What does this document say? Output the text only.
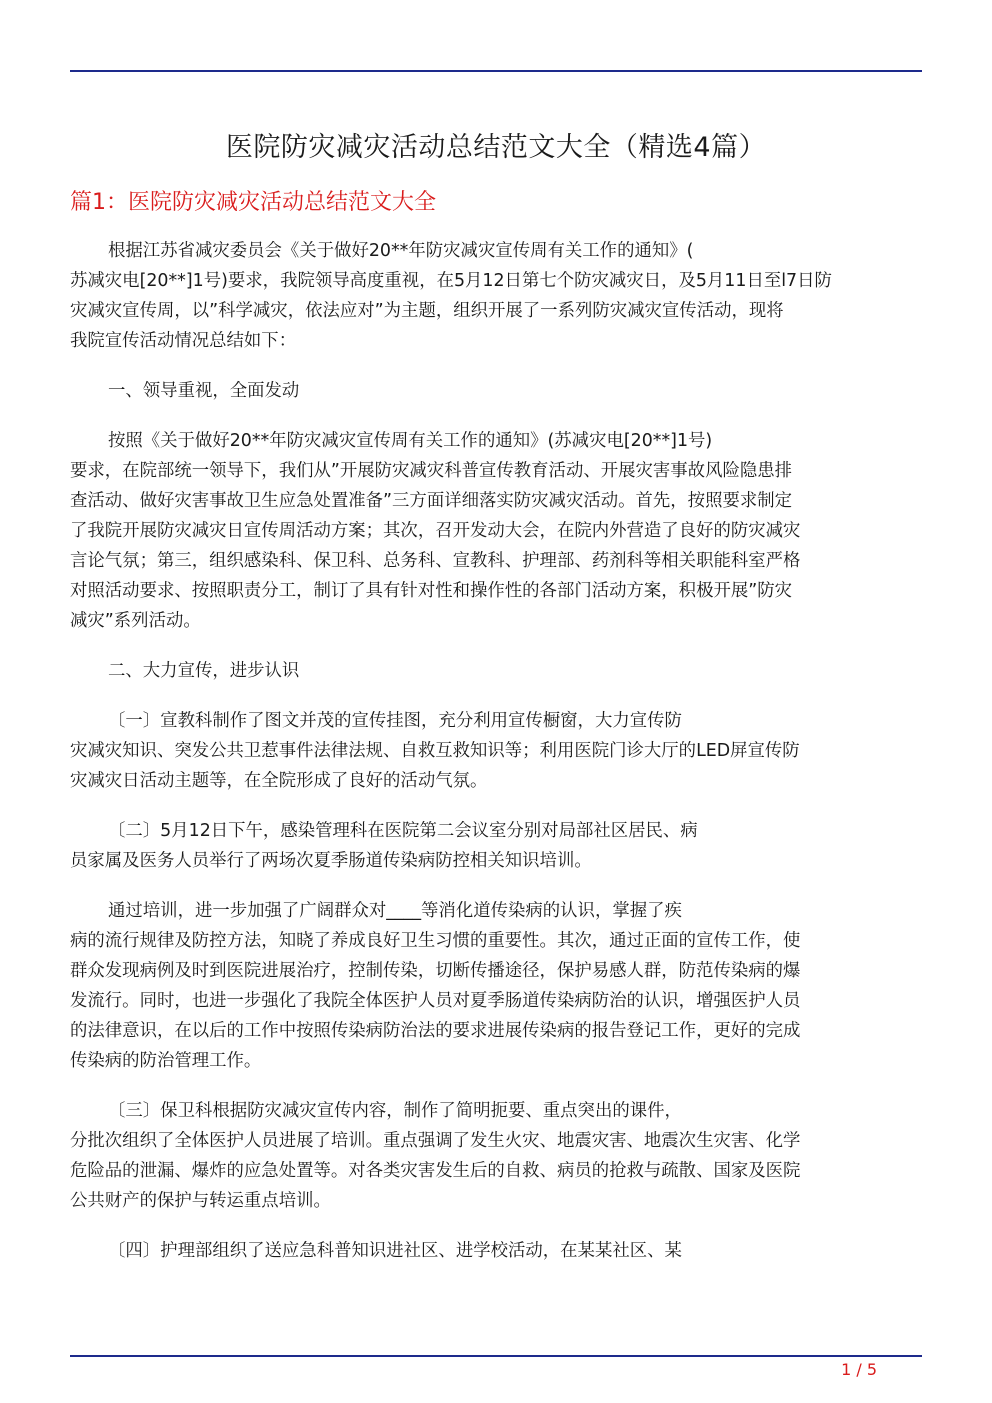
医院防灾减灾活动总结范文大全（精选4篇）
篇1：医院防灾减灾活动总结范文大全

根据江苏省减灾委员会《关于做好20**年防灾减灾宣传周有关工作的通知》(
苏减灾电[20**]1号)要求，我院领导高度重视，在5月12日第七个防灾减灾日，及5月11日至l7日防
灾减灾宣传周，以”科学减灾，依法应对”为主题，组织开展了一系列防灾减灾宣传活动，现将
我院宣传活动情况总结如下：

一、领导重视，全面发动

按照《关于做好20**年防灾减灾宣传周有关工作的通知》(苏减灾电[20**]1号)
要求，在院部统一领导下，我们从”开展防灾减灾科普宣传教育活动、开展灾害事故风险隐患排
查活动、做好灾害事故卫生应急处置准备”三方面详细落实防灾减灾活动。首先，按照要求制定
了我院开展防灾减灾日宣传周活动方案；其次，召开发动大会，在院内外营造了良好的防灾减灾
言论气氛；第三，组织感染科、保卫科、总务科、宣教科、护理部、药剂科等相关职能科室严格
对照活动要求、按照职责分工，制订了具有针对性和操作性的各部门活动方案，积极开展”防灾
减灾”系列活动。

二、大力宣传，进步认识

〔一〕宣教科制作了图文并茂的宣传挂图，充分利用宣传橱窗，大力宣传防
灾减灾知识、突发公共卫惹事件法律法规、自救互救知识等；利用医院门诊大厅的LED屏宣传防
灾减灾日活动主题等，在全院形成了良好的活动气氛。

〔二〕5月12日下午，感染管理科在医院第二会议室分别对局部社区居民、病
员家属及医务人员举行了两场次夏季肠道传染病防控相关知识培训。

通过培训，进一步加强了广阔群众对____等消化道传染病的认识，掌握了疾
病的流行规律及防控方法，知晓了养成良好卫生习惯的重要性。其次，通过正面的宣传工作，使
群众发现病例及时到医院进展治疗，控制传染，切断传播途径，保护易感人群，防范传染病的爆
发流行。同时，也进一步强化了我院全体医护人员对夏季肠道传染病防治的认识，增强医护人员
的法律意识，在以后的工作中按照传染病防治法的要求进展传染病的报告登记工作，更好的完成
传染病的防治管理工作。

〔三〕保卫科根据防灾减灾宣传内容，制作了简明扼要、重点突出的课件，
分批次组织了全体医护人员进展了培训。重点强调了发生火灾、地震灾害、地震次生灾害、化学
危险品的泄漏、爆炸的应急处置等。对各类灾害发生后的自救、病员的抢救与疏散、国家及医院
公共财产的保护与转运重点培训。

〔四〕护理部组织了送应急科普知识进社区、进学校活动，在某某社区、某

1 / 5
